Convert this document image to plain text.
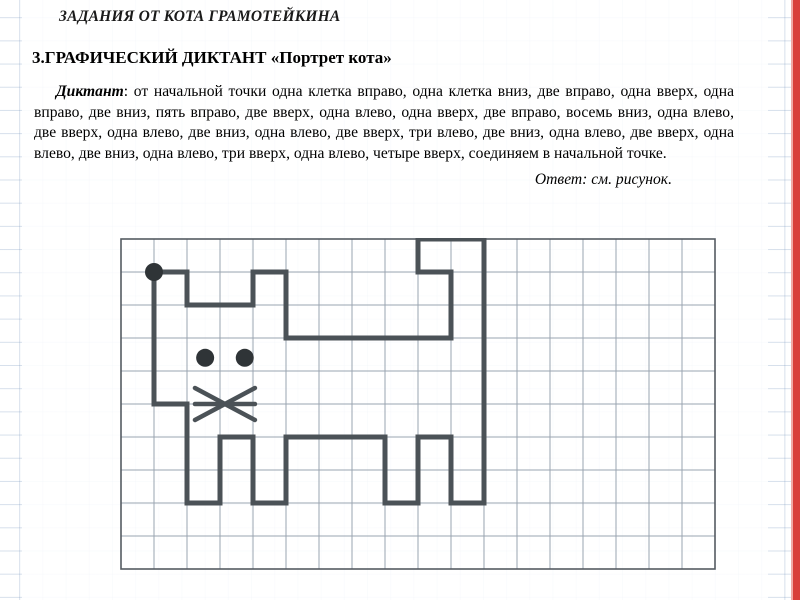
ЗАДАНИЯ ОТ КОТА ГРАМОТЕЙКИНА
3.ГРАФИЧЕСКИЙ ДИКТАНТ «Портрет кота»

Диктант: от начальной точки одна клетка вправо, одна клетка вниз, две вправо, одна вверх, одна вправо, две вниз, пять вправо, две вверх, одна влево, одна вверх, две вправо, восемь вниз, одна влево, две вверх, одна влево, две вниз, одна влево, две вверх, три влево, две вниз, одна влево, две вверх, одна влево, две вниз, одна влево, три вверх, одна влево, четыре вверх, соединяем в начальной точке.

Ответ: см. рисунок.
